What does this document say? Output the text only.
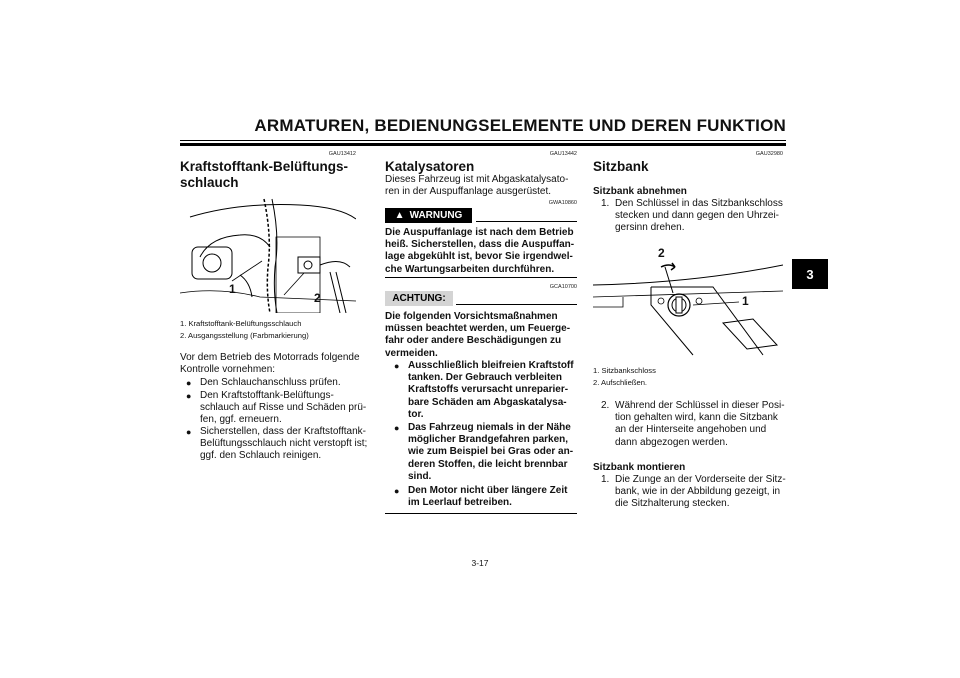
ARMATUREN, BEDIENUNGSELEMENTE UND DEREN FUNKTION
3
GAU13412
Kraftstofftank-Belüftungs-
schlauch
1
2
1. Kraftstofftank-Belüftungsschlauch
2. Ausgangsstellung (Farbmarkierung)
Vor dem Betrieb des Motorrads folgende
Kontrolle vornehmen:
● Den Schlauchanschluss prüfen.
● Den Kraftstofftank-Belüftungs-
schlauch auf Risse und Schäden prü-
fen, ggf. erneuern.
● Sicherstellen, dass der Kraftstofftank-
Belüftungsschlauch nicht verstopft ist;
ggf. den Schlauch reinigen.
GAU13442
Katalysatoren
Dieses Fahrzeug ist mit Abgaskatalysato-
ren in der Auspuffanlage ausgerüstet.
GWA10860
▲ WARNUNG
Die Auspuffanlage ist nach dem Betrieb
heiß. Sicherstellen, dass die Auspuffan-
lage abgekühlt ist, bevor Sie irgendwel-
che Wartungsarbeiten durchführen.
GCA10700
ACHTUNG:
Die folgenden Vorsichtsmaßnahmen
müssen beachtet werden, um Feuerge-
fahr oder andere Beschädigungen zu
vermeiden.
● Ausschließlich bleifreien Kraftstoff
tanken. Der Gebrauch verbleiten
Kraftstoffs verursacht unreparier-
bare Schäden am Abgaskatalysa-
tor.
● Das Fahrzeug niemals in der Nähe
möglicher Brandgefahren parken,
wie zum Beispiel bei Gras oder an-
deren Stoffen, die leicht brennbar
sind.
● Den Motor nicht über längere Zeit
im Leerlauf betreiben.
GAU32980
Sitzbank
Sitzbank abnehmen
1. Den Schlüssel in das Sitzbankschloss
stecken und dann gegen den Uhrzei-
gersinn drehen.
2
1
1. Sitzbankschloss
2. Aufschließen.
2. Während der Schlüssel in dieser Posi-
tion gehalten wird, kann die Sitzbank
an der Hinterseite angehoben und
dann abgezogen werden.
Sitzbank montieren
1. Die Zunge an der Vorderseite der Sitz-
bank, wie in der Abbildung gezeigt, in
die Sitzhalterung stecken.
3-17
